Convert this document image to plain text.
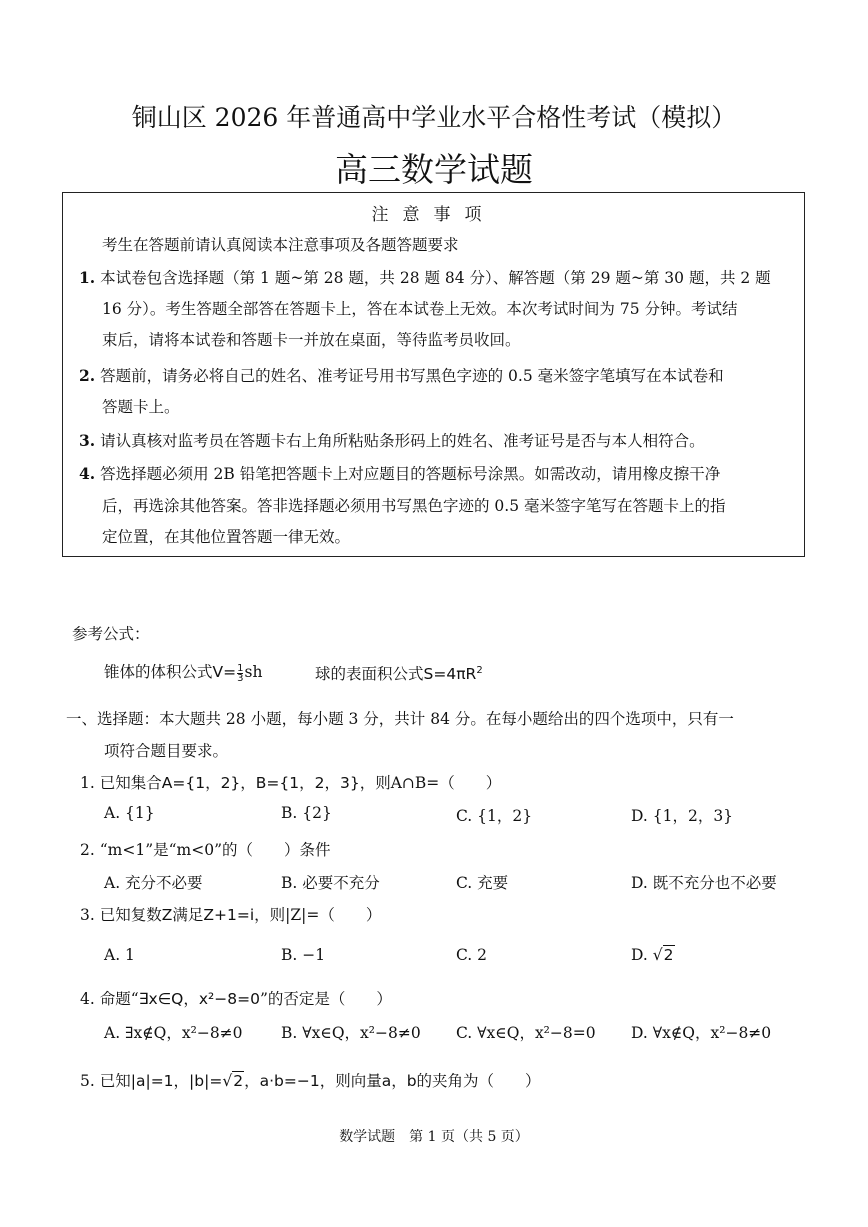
铜山区 2026 年普通高中学业水平合格性考试（模拟）
高三数学试题
注意事项
考生在答题前请认真阅读本注意事项及各题答题要求
1. 本试卷包含选择题（第 1 题~第 28 题，共 28 题 84 分）、解答题（第 29 题~第 30 题，共 2 题
16 分）。考生答题全部答在答题卡上，答在本试卷上无效。本次考试时间为 75 分钟。考试结
束后，请将本试卷和答题卡一并放在桌面，等待监考员收回。
2. 答题前，请务必将自己的姓名、准考证号用书写黑色字迹的 0.5 毫米签字笔填写在本试卷和
答题卡上。
3. 请认真核对监考员在答题卡右上角所粘贴条形码上的姓名、准考证号是否与本人相符合。
4. 答选择题必须用 2B 铅笔把答题卡上对应题目的答题标号涂黑。如需改动，请用橡皮擦干净
后，再选涂其他答案。答非选择题必须用书写黑色字迹的 0.5 毫米签字笔写在答题卡上的指
定位置，在其他位置答题一律无效。
参考公式：
锥体的体积公式$V= \frac{1}{3}$ sh	球的表面积公式$S=4\pi R^2$
一、选择题：本大题共 28 小题，每小题 3 分，共计 84 分。在每小题给出的四个选项中，只有一
项符合题目要求。
1. 已知集合A={1，2}，B={1，2，3}，则A∩B=（　　）
A. {1}	B. {2}	C. {1，2}	D. {1，2，3}
2. “m<1”是“m<0”的（　　）条件
A. 充分不必要	B. 必要不充分	C. 充要	D. 既不充分也不必要
3. 已知复数Z满足Z+1=i，则|Z|=（　　）
A. 1	B. −1	C. 2	D. √2
4. 命题“∃x∈Q，x²−8=0”的否定是（　　）
A. ∃x∉Q，x²−8≠0 B. ∀x∈Q，x²−8≠0 C. ∀x∈Q，x²−8=0 D. ∀x∉Q，x²−8≠0
5. 已知|a|=1，|b|=√2，a·b=−1，则向量a，b的夹角为（　　）
数学试题　第 1 页（共 5 页）
